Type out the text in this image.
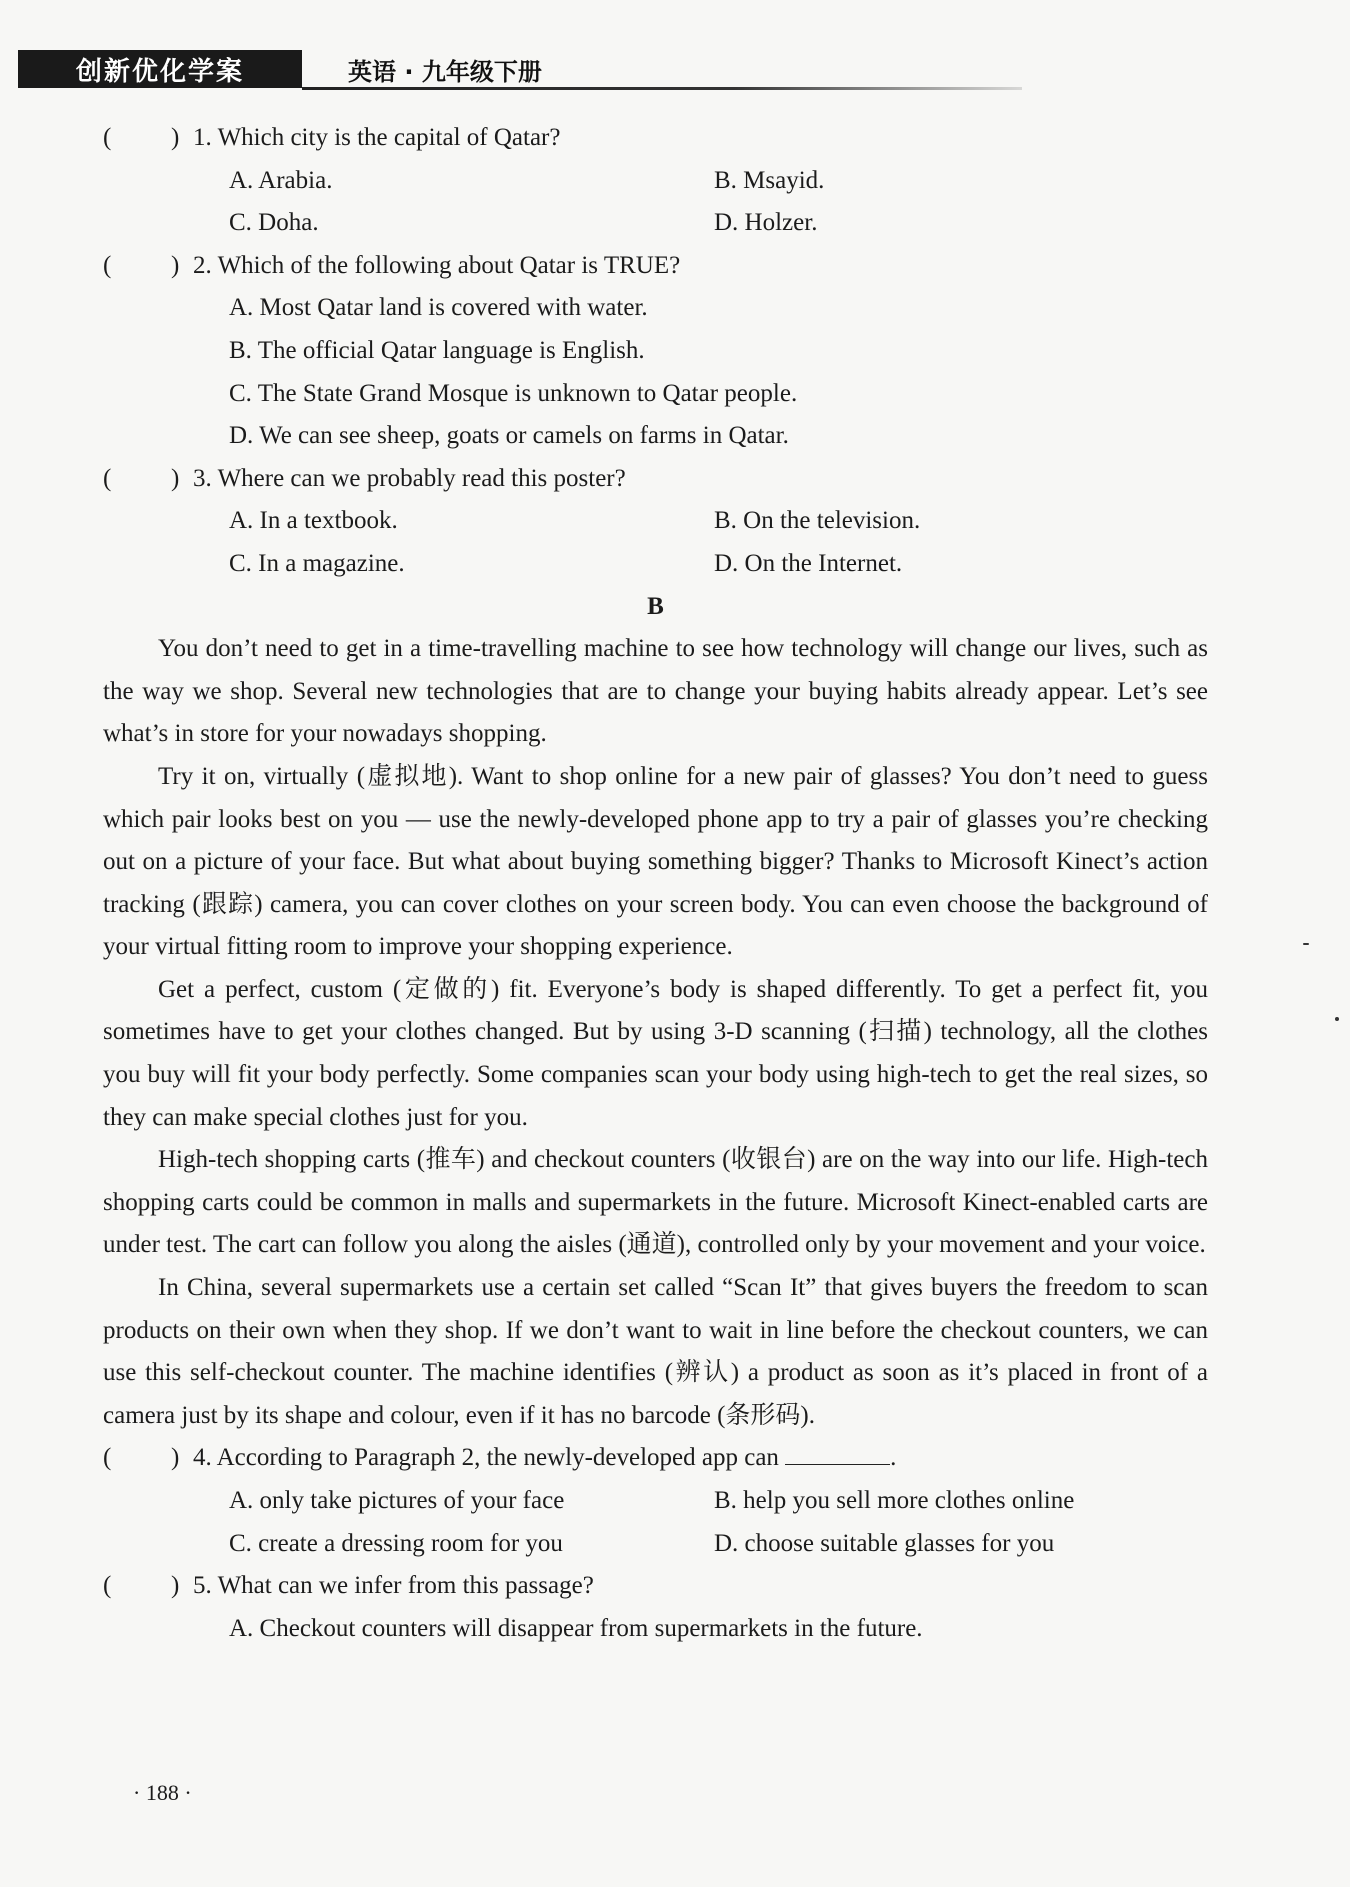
创新优化学案	英语 · 九年级下册
( ) 1. Which city is the capital of Qatar?
A. Arabia.	B. Msayid.
C. Doha.	D. Holzer.
( ) 2. Which of the following about Qatar is TRUE?
A. Most Qatar land is covered with water.
B. The official Qatar language is English.
C. The State Grand Mosque is unknown to Qatar people.
D. We can see sheep, goats or camels on farms in Qatar.
( ) 3. Where can we probably read this poster?
A. In a textbook.	B. On the television.
C. In a magazine.	D. On the Internet.
B

You don’t need to get in a time-travelling machine to see how technology will change our lives, such as the way we shop. Several new technologies that are to change your buying habits already appear. Let’s see what’s in store for your nowadays shopping.

Try it on, virtually (虚拟地). Want to shop online for a new pair of glasses? You don’t need to guess which pair looks best on you — use the newly-developed phone app to try a pair of glasses you’re checking out on a picture of your face. But what about buying something bigger? Thanks to Microsoft Kinect’s action tracking (跟踪) camera, you can cover clothes on your screen body. You can even choose the background of your virtual fitting room to improve your shopping experience.

Get a perfect, custom (定做的) fit. Everyone’s body is shaped differently. To get a perfect fit, you sometimes have to get your clothes changed. But by using 3-D scanning (扫描) technology, all the clothes you buy will fit your body perfectly. Some companies scan your body using high-tech to get the real sizes, so they can make special clothes just for you.

High-tech shopping carts (推车) and checkout counters (收银台) are on the way into our life. High-tech shopping carts could be common in malls and supermarkets in the future. Microsoft Kinect-enabled carts are under test. The cart can follow you along the aisles (通道), controlled only by your movement and your voice.

In China, several supermarkets use a certain set called “Scan It” that gives buyers the freedom to scan products on their own when they shop. If we don’t want to wait in line before the checkout counters, we can use this self-checkout counter. The machine identifies (辨认) a product as soon as it’s placed in front of a camera just by its shape and colour, even if it has no barcode (条形码).

( ) 4. According to Paragraph 2, the newly-developed app can	.
A. only take pictures of your face	B. help you sell more clothes online
C. create a dressing room for you	D. choose suitable glasses for you
( ) 5. What can we infer from this passage?
A. Checkout counters will disappear from supermarkets in the future.
· 188 ·
